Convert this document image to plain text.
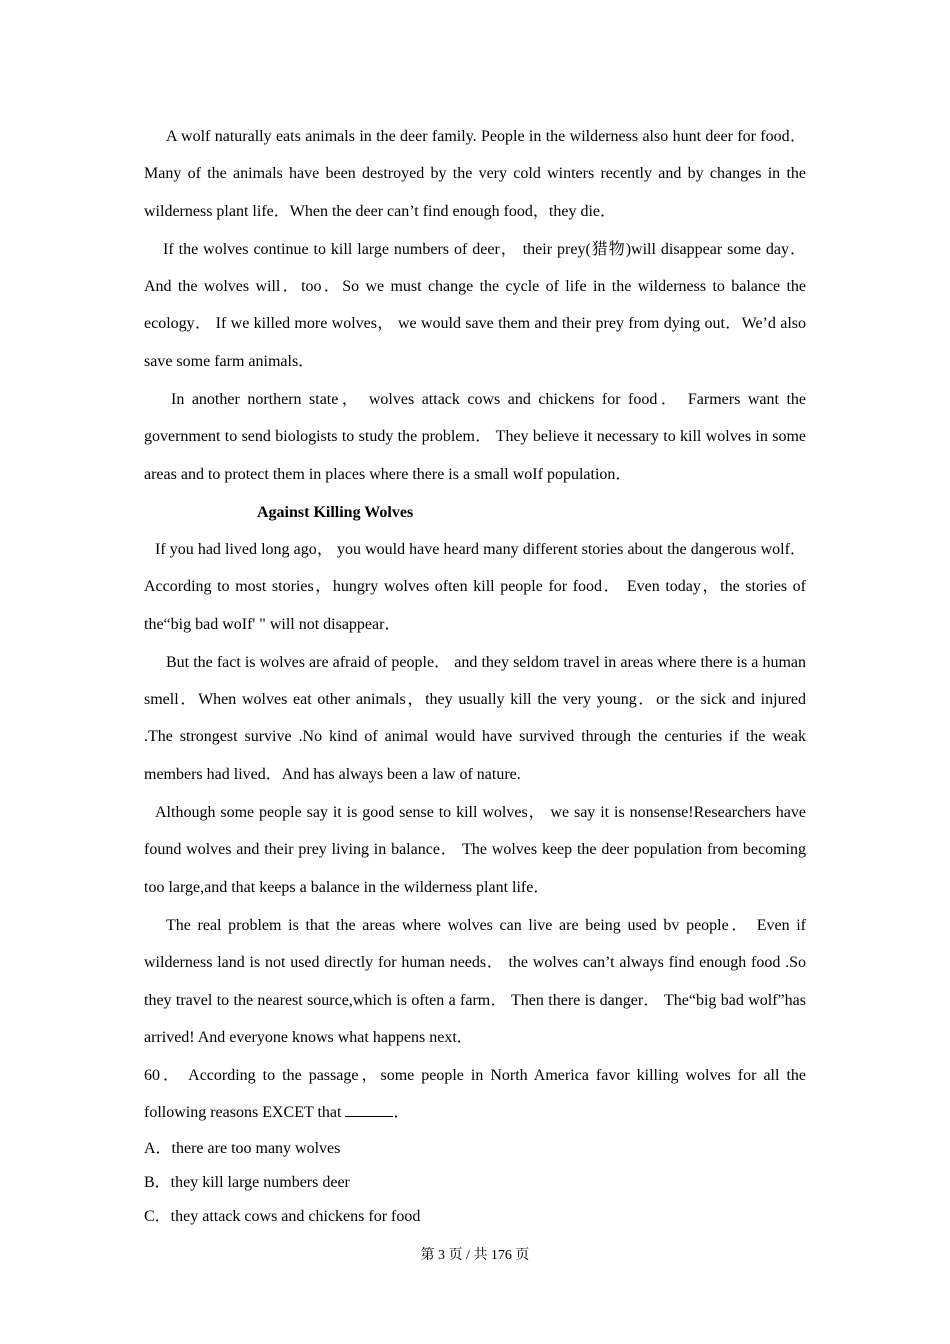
A wolf naturally eats animals in the deer family. People in the wilderness also hunt deer for food．Many of the animals have been destroyed by the very cold winters recently and by changes in the wilderness plant life．When the deer can’t find enough food，they die．

If the wolves continue to kill large numbers of deer， their prey(猎物)will disappear some day．And the wolves will．too．So we must change the cycle of life in the wilderness to balance the ecology． If we killed more wolves， we would save them and their prey from dying out．We’d also save some farm animals．

In another northern state， wolves attack cows and chickens for food． Farmers want the government to send biologists to study the problem． They believe it necessary to kill wolves in some areas and to protect them in places where there is a small woIf population．

Against Killing Wolves

If you had lived long ago， you would have heard many different stories about the dangerous wolf．According to most stories，hungry wolves often kill people for food． Even today，the stories of the“big bad woIf' " will not disappear．

But the fact is wolves are afraid of people． and they seldom travel in areas where there is a human smell．When wolves eat other animals，they usually kill the very young．or the sick and injured .The strongest survive .No kind of animal would have survived through the centuries if the weak members had lived．And has always been a law of nature.

Although some people say it is good sense to kill wolves， we say it is nonsense!Researchers have found wolves and their prey living in balance． The wolves keep the deer population from becoming too large,and that keeps a balance in the wilderness plant life．

The real problem is that the areas where wolves can live are being used bv people． Even if wilderness land is not used directly for human needs． the wolves can’t always find enough food .So they travel to the nearest source,which is often a farm． Then there is danger． The“big bad wolf”has arrived! And everyone knows what happens next．

60． According to the passage，some people in North America favor killing wolves for all the following reasons EXCET that	．

A．there are too many wolves

B．they kill large numbers deer

C．they attack cows and chickens for food

第 3 页 / 共 176 页
